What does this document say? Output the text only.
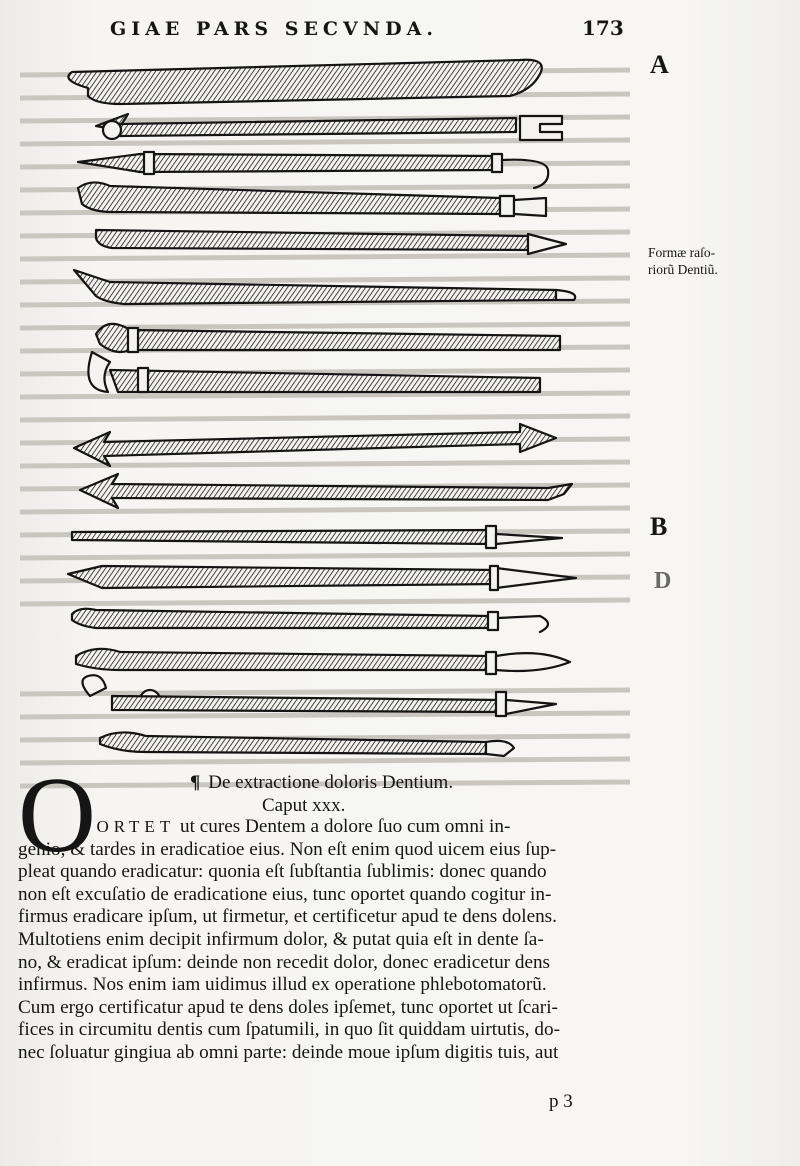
GIAE PARS SECVNDA.	173
A
B
D
Formæ raſo-
riorũ Dentiũ.
O	¶ De extractione doloris Dentium.
Caput xxx.
PORTET ut cures Dentem a dolore ſuo cum omni in-
genio, & tardes in eradicatioe eius. Non eſt enim quod uicem eius ſup-
pleat quando eradicatur: quonia eſt ſubſtantia ſublimis: donec quando
non eſt excuſatio de eradicatione eius, tunc oportet quando cogitur in-
firmus eradicare ipſum, ut firmetur, et certificetur apud te dens dolens.
Multotiens enim decipit infirmum dolor, & putat quia eſt in dente ſa-
no, & eradicat ipſum: deinde non recedit dolor, donec eradicetur dens
infirmus. Nos enim iam uidimus illud ex operatione phlebotomatorũ.
Cum ergo certificatur apud te dens doles ipſemet, tunc oportet ut ſcari-
fices in circumitu dentis cum ſpatumili, in quo ſit quiddam uirtutis, do-
nec ſoluatur gingiua ab omni parte: deinde moue ipſum digitis tuis, aut
p 3
